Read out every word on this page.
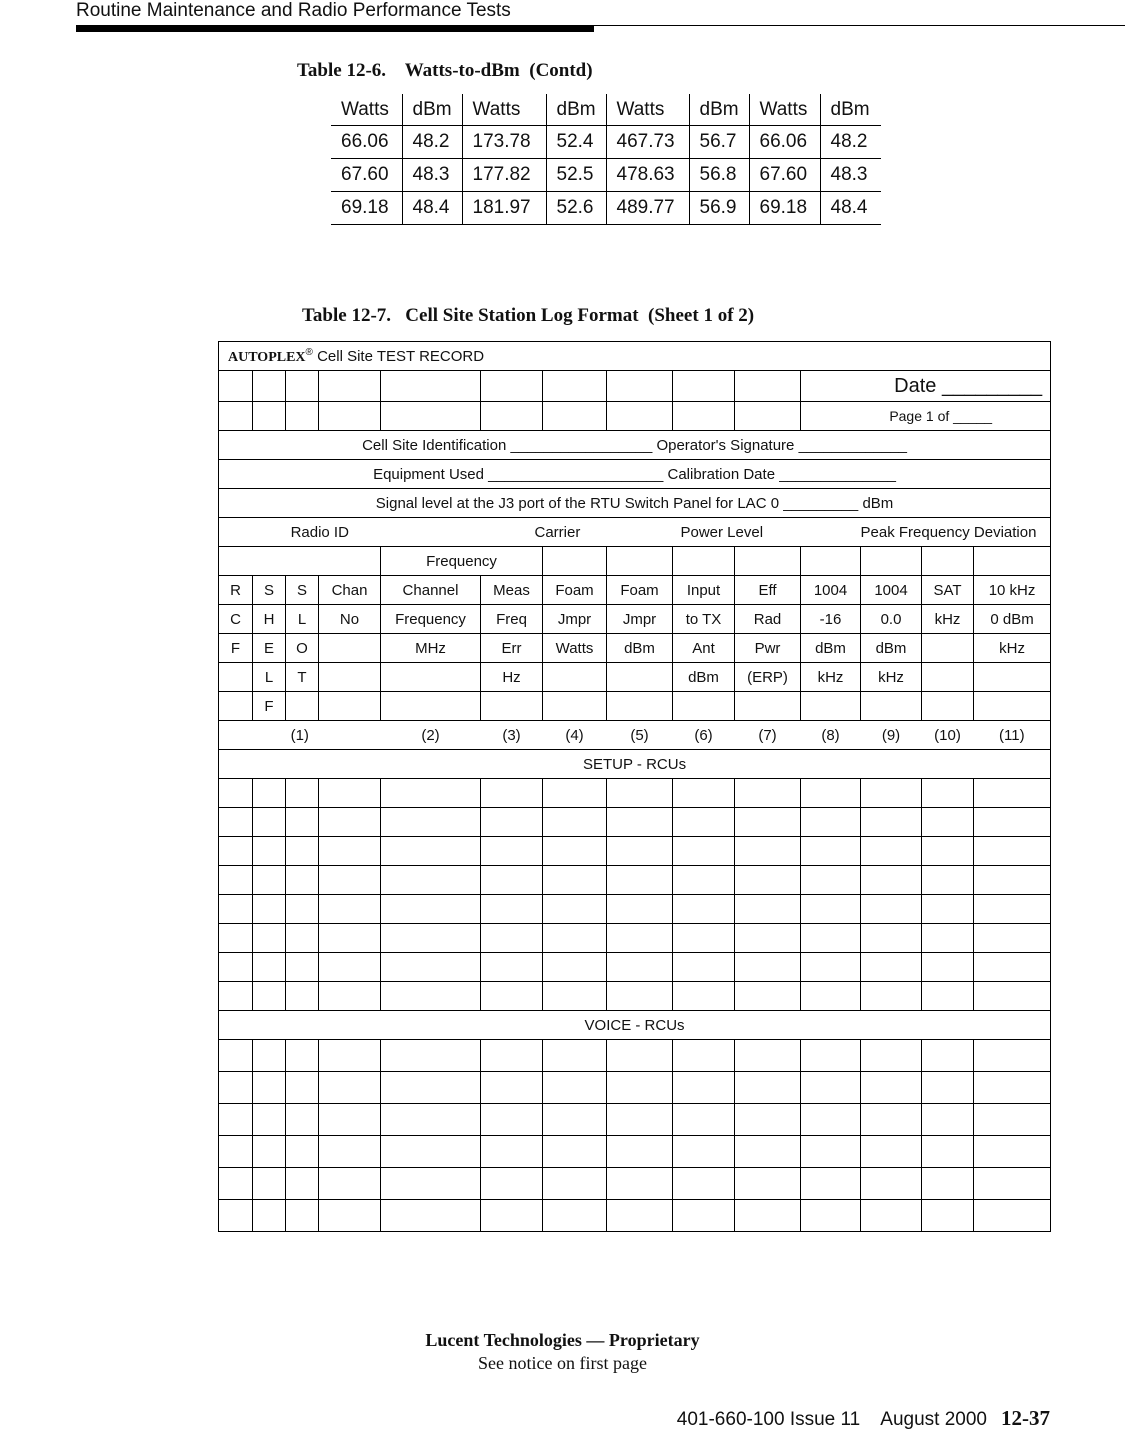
Routine Maintenance and Radio Performance Tests
Table 12-6.    Watts-to-dBm  (Contd)
Watts	dBm	Watts	dBm	Watts	dBm	Watts	dBm
66.06	48.2	173.78	52.4	467.73	56.7	66.06	48.2
67.60	48.3	177.82	52.5	478.63	56.8	67.60	48.3
69.18	48.4	181.97	52.6	489.77	56.9	69.18	48.4
Table 12-7.   Cell Site Station Log Format  (Sheet 1 of 2)
AUTOPLEX® Cell Site TEST RECORD													
										Date _________			
										Page 1 of _____			
Cell Site Identification _________________ Operator's Signature _____________													
Equipment Used _____________________ Calibration Date ______________													
Signal level at the J3 port of the RTU Switch Panel for LAC 0 _________ dBm													
Radio ID					Carrier			Power Level			Peak Frequency Deviation		
				Frequency									
R	S	S	Chan	Channel	Meas	Foam	Foam	Input	Eff	1004	1004	SAT	10 kHz
C	H	L	No	Frequency	Freq	Jmpr	Jmpr	to TX	Rad	-16	0.0	kHz	0 dBm
F	E	O		MHz	Err	Watts	dBm	Ant	Pwr	dBm	dBm		kHz
	L	T			Hz			dBm	(ERP)	kHz	kHz		
	F												
(1)				(2)	(3)	(4)	(5)	(6)	(7)	(8)	(9)	(10)	(11)
SETUP - RCUs													

VOICE - RCUs													

Lucent Technologies — Proprietary
See notice on first page
401-660-100 Issue 11    August 2000 12-37
